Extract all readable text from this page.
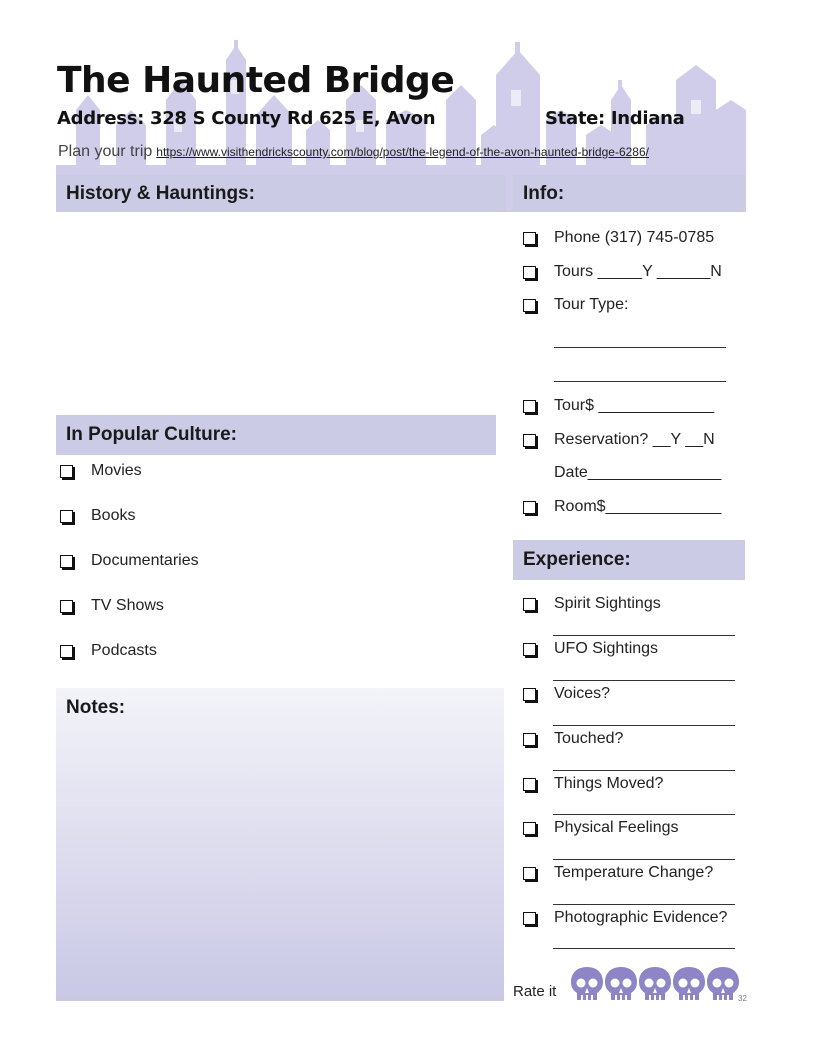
The Haunted Bridge
Address: 328 S County Rd 625 E, Avon	State: Indiana
Plan your trip https://www.visithendrickscounty.com/blog/post/the-legend-of-the-avon-haunted-bridge-6286/
History & Hauntings:	Info:
In Popular Culture:
Experience:
Phone (317) 745-0785
Tours _____Y ______N
Tour Type:
Tour$ _____________
Reservation? __Y __N
Date_______________
Room$_____________
Movies
Books
Documentaries
TV Shows
Podcasts
Notes:
Spirit Sightings
UFO Sightings
Voices?
Touched?
Things Moved?
Physical Feelings
Temperature Change?
Photographic Evidence?
Rate it	32
